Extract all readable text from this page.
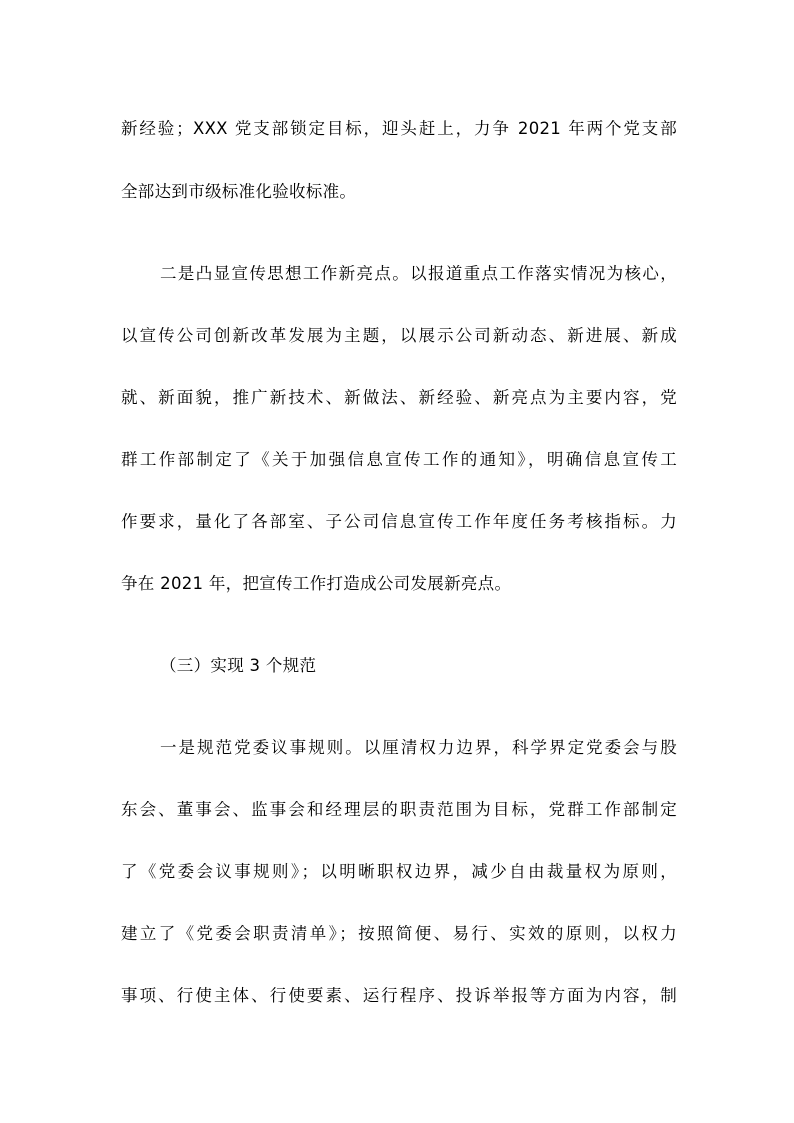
新经验；XXX 党支部锁定目标，迎头赶上，力争 2021 年两个党支部
全部达到市级标准化验收标准。
二是凸显宣传思想工作新亮点。以报道重点工作落实情况为核心，
以宣传公司创新改革发展为主题，以展示公司新动态、新进展、新成
就、新面貌，推广新技术、新做法、新经验、新亮点为主要内容，党
群工作部制定了《关于加强信息宣传工作的通知》，明确信息宣传工
作要求，量化了各部室、子公司信息宣传工作年度任务考核指标。力
争在 2021 年，把宣传工作打造成公司发展新亮点。
（三）实现 3 个规范
一是规范党委议事规则。以厘清权力边界，科学界定党委会与股
东会、董事会、监事会和经理层的职责范围为目标，党群工作部制定
了《党委会议事规则》；以明晰职权边界，减少自由裁量权为原则，
建立了《党委会职责清单》；按照简便、易行、实效的原则，以权力
事项、行使主体、行使要素、运行程序、投诉举报等方面为内容，制
